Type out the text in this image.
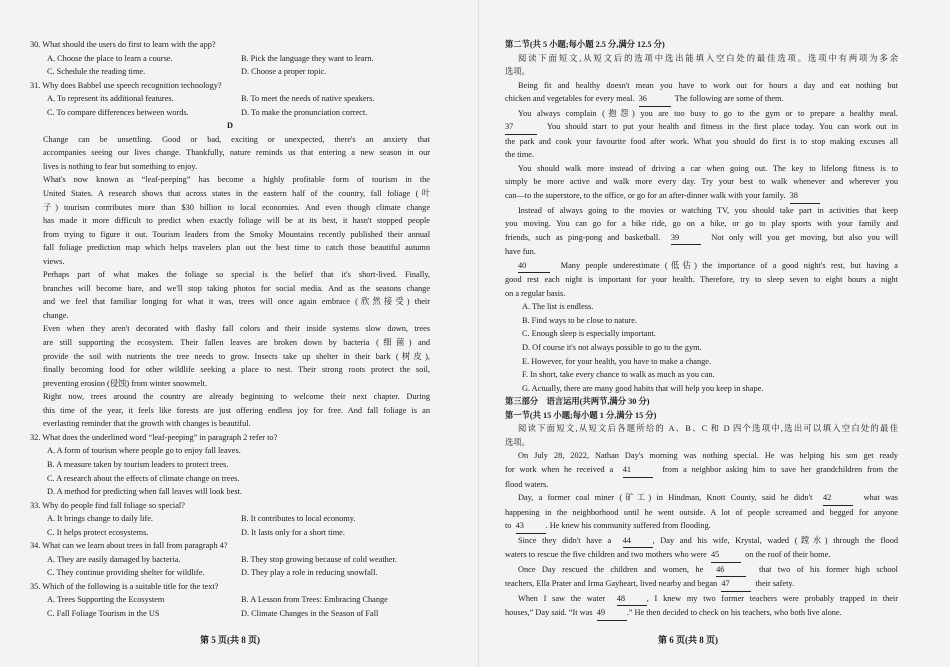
30. What should the users do first to learn with the app?
A. Choose the place to learn a course.	B. Pick the language they want to learn.
C. Schedule the reading time.	D. Choose a proper topic.
31. Why does Babbel use speech recognition technology?
A. To represent its additional features.	B. To meet the needs of native speakers.
C. To compare differences between words.	D. To make the pronunciation correct.
D
Change can be unsettling. Good or bad, exciting or unexpected, there's an anxiety that
accompanies seeing our lives change. Thankfully, nature reminds us that entering a new season in our
lives is nothing to fear but something to enjoy.
What's now known as “leaf-peeping” has become a highly profitable form of tourism in the
United States. A research shows that across states in the eastern half of the country, fall foliage (叶
子) tourism contributes more than $30 billion to local economies. And even though climate change
has made it more difficult to predict when exactly foliage will be at its best, it hasn't stopped people
from trying to figure it out. Tourism leaders from the Smoky Mountains recently published their annual
fall foliage prediction map which helps travelers plan out the best time to catch those beautiful autumn
views.
Perhaps part of what makes the foliage so special is the belief that it's short-lived. Finally,
branches will become bare, and we'll stop taking photos for social media. And as the seasons change
and we feel that familiar longing for what it was, trees will once again embrace (欣然接受) their
change.
Even when they aren't decorated with flashy fall colors and their inside systems slow down, trees
are still supporting the ecosystem. Their fallen leaves are broken down by bacteria (细菌) and
provide the soil with nutrients the tree needs to grow. Insects take up shelter in their bark (树皮),
finally becoming food for other wildlife seeking a place to nest. Their strong roots protect the soil,
preventing erosion (侵蚀) from winter snowmelt.
Right now, trees around the country are already beginning to welcome their next chapter. During
this time of the year, it feels like forests are just offering endless joy for free. And fall foliage is an
everlasting reminder that the growth with changes is beautiful.
32. What does the underlined word “leaf-peeping” in paragraph 2 refer to?
A. A form of tourism where people go to enjoy fall leaves.
B. A measure taken by tourism leaders to protect trees.
C. A research about the effects of climate change on trees.
D. A method for predicting when fall leaves will look best.
33. Why do people find fall foliage so special?
A. It brings change to daily life.	B. It contributes to local economy.
C. It helps protect ecosystems.	D. It lasts only for a short time.
34. What can we learn about trees in fall from paragraph 4?
A. They are easily damaged by bacteria.	B. They stop growing because of cold weather.
C. They continue providing shelter for wildlife.	D. They play a role in reducing snowfall.
35. Which of the following is a suitable title for the text?
A. Trees Supporting the Ecosystem	B. A Lesson from Trees: Embracing Change
C. Fall Foliage Tourism in the US	D. Climate Changes in the Season of Fall
第二节(共 5 小题;每小题 2.5 分,满分 12.5 分)
阅读下面短文,从短文后的选项中选出能填入空白处的最佳选项。选项中有两项为多余
选项。
Being fit and healthy doesn't mean you have to work out for hours a day and eat nothing but
chicken and vegetables for every meal. 36	The following are some of them.
You always complain (抱怨) you are too busy to go to the gym or to prepare a healthy meal.
37	You should start to put your health and fitness in the first place today. You can work out in
the park and cook your favourite food after work. What you should do first is to stop making excuses all
the time.
You should walk more instead of driving a car when going out. The key to lifelong fitness is to
simply be more active and walk more every day. Try your best to walk whenever and wherever you
can—to the superstore, to the office, or go for an after-dinner walk with your family. 38
Instead of always going to the movies or watching TV, you should take part in activities that keep
you moving. You can go for a bike ride, go on a hike, or go to play sports with your family and
friends, such as ping-pong and basketball. 39	Not only will you get moving, but also you will
have fun.
40	Many people underestimate (低估) the importance of a good night's rest, but having a
good rest each night is important for your health. Therefore, try to sleep seven to eight hours a night
on a regular basis.
A. The list is endless.
B. Find ways to be close to nature.
C. Enough sleep is especially important.
D. Of course it's not always possible to go to the gym.
E. However, for your health, you have to make a change.
F. In short, take every chance to walk as much as you can.
G. Actually, there are many good habits that will help you keep in shape.
第三部分　语言运用(共两节,满分 30 分)
第一节(共 15 小题;每小题 1 分,满分 15 分)
阅读下面短文,从短文后各题所给的 A、B、C 和 D 四个选项中,选出可以填入空白处的最佳
选项。
On July 28, 2022, Nathan Day's morning was nothing special. He was helping his son get ready
for work when he received a 41	from a neighbor asking him to save her grandchildren from the
flood waters.
Day, a former coal miner (矿工) in Hindman, Knott County, said he didn't 42	what was
happening in the neighborhood until he went outside. A lot of people screamed and begged for anyone
to 43	. He knew his community suffered from flooding.
Since they didn't have a 44	, Day and his wife, Krystal, waded (蹚水) through the flood
waters to rescue the five children and two mothers who were 45	on the roof of their home.
Once Day rescued the children and women, he 46	that two of his former high school
teachers, Ella Prater and Irma Gayheart, lived nearby and began 47	their safety.
When I saw the water 48	, I knew my two former teachers were probably trapped in their
houses,” Day said. “It was 49	.” He then decided to check on his teachers, who both live alone.
第 5 页(共 8 页)	第 6 页(共 8 页)
